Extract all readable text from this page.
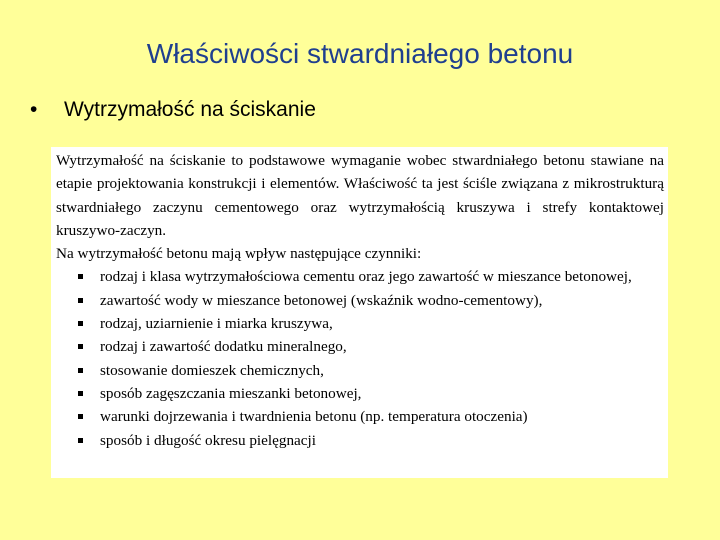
Właściwości stwardniałego betonu
• Wytrzymałość na ściskanie

Wytrzymałość na ściskanie to podstawowe wymaganie wobec stwardniałego betonu stawiane na etapie projektowania konstrukcji i elementów. Właściwość ta jest ściśle związana z mikrostrukturą stwardniałego zaczynu cementowego oraz wytrzymałością kruszywa i strefy kontaktowej kruszywo-zaczyn.

Na wytrzymałość betonu mają wpływ następujące czynniki:

rodzaj i klasa wytrzymałościowa cementu oraz jego zawartość w mieszance betonowej,
zawartość wody w mieszance betonowej (wskaźnik wodno-cementowy),
rodzaj, uziarnienie i miarka kruszywa,
rodzaj i zawartość dodatku mineralnego,
stosowanie domieszek chemicznych,
sposób zagęszczania mieszanki betonowej,
warunki dojrzewania i twardnienia betonu (np. temperatura otoczenia)
sposób i długość okresu pielęgnacji
